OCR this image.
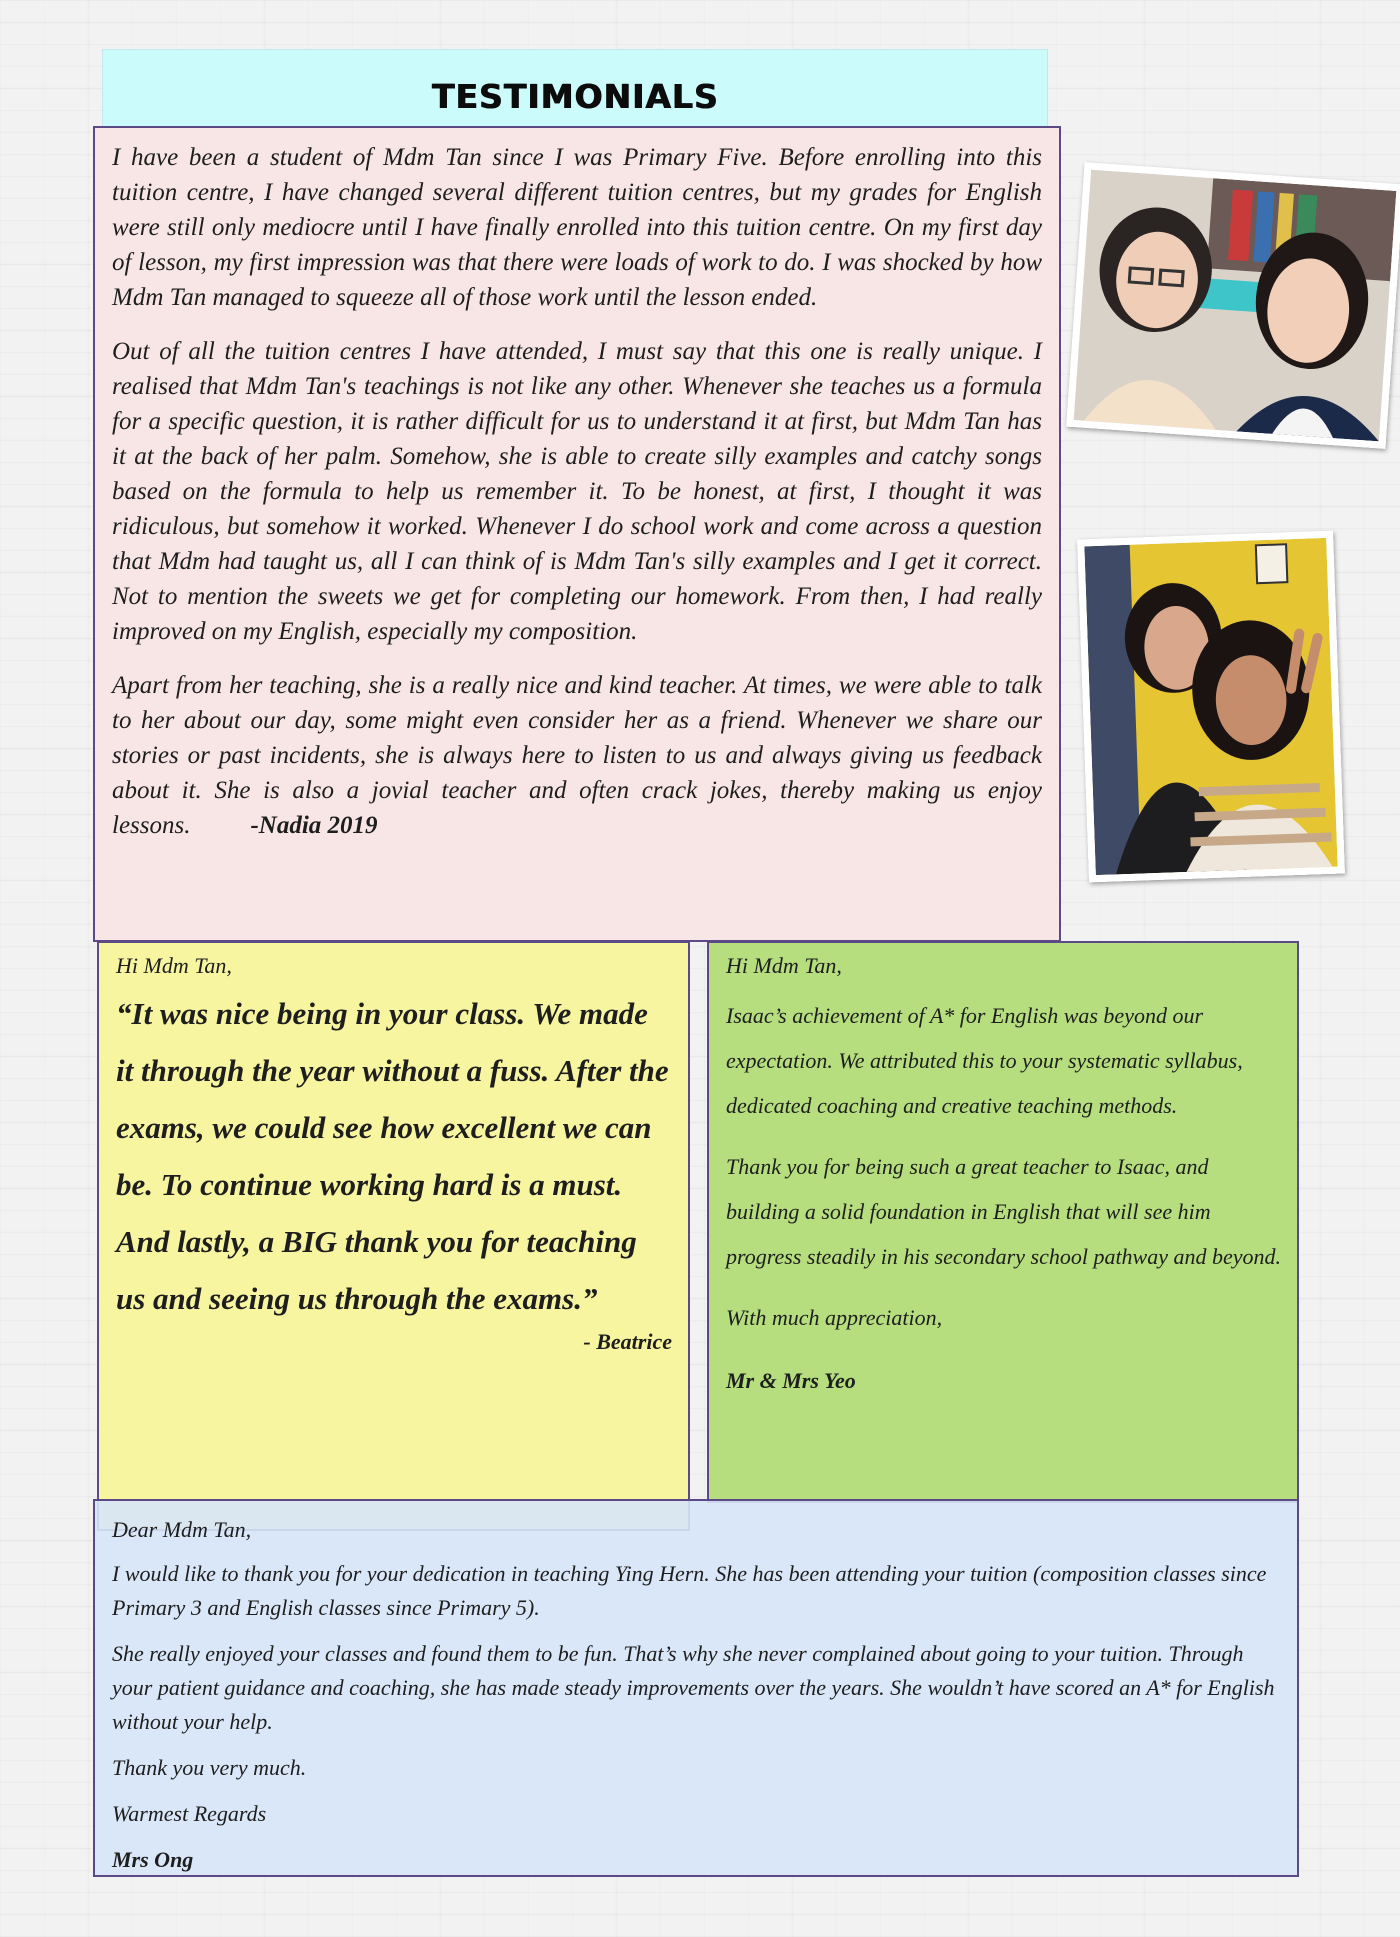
TESTIMONIALS

I have been a student of Mdm Tan since I was Primary Five. Before enrolling into this tuition centre, I have changed several different tuition centres, but my grades for English were still only mediocre until I have finally enrolled into this tuition centre. On my first day of lesson, my first impression was that there were loads of work to do. I was shocked by how Mdm Tan managed to squeeze all of those work until the lesson ended.

Out of all the tuition centres I have attended, I must say that this one is really unique. I realised that Mdm Tan's teachings is not like any other. Whenever she teaches us a formula for a specific question, it is rather difficult for us to understand it at first, but Mdm Tan has it at the back of her palm. Somehow, she is able to create silly examples and catchy songs based on the formula to help us remember it. To be honest, at first, I thought it was ridiculous, but somehow it worked. Whenever I do school work and come across a question that Mdm had taught us, all I can think of is Mdm Tan's silly examples and I get it correct. Not to mention the sweets we get for completing our homework. From then, I had really improved on my English, especially my composition.

Apart from her teaching, she is a really nice and kind teacher. At times, we were able to talk to her about our day, some might even consider her as a friend. Whenever we share our stories or past incidents, she is always here to listen to us and always giving us feedback about it. She is also a jovial teacher and often crack jokes, thereby making us enjoy lessons. -Nadia 2019

Hi Mdm Tan,

“It was nice being in your class. We made it through the year without a fuss. After the exams, we could see how excellent we can be. To continue working hard is a must. And lastly, a BIG thank you for teaching us and seeing us through the exams.”

- Beatrice

Hi Mdm Tan,

Isaac’s achievement of A* for English was beyond our expectation. We attributed this to your systematic syllabus, dedicated coaching and creative teaching methods.

Thank you for being such a great teacher to Isaac, and building a solid foundation in English that will see him progress steadily in his secondary school pathway and beyond.

With much appreciation,

Mr & Mrs Yeo

Dear Mdm Tan,

I would like to thank you for your dedication in teaching Ying Hern. She has been attending your tuition (composition classes since Primary 3 and English classes since Primary 5).

She really enjoyed your classes and found them to be fun. That’s why she never complained about going to your tuition. Through your patient guidance and coaching, she has made steady improvements over the years. She wouldn’t have scored an A* for English without your help.

Thank you very much.

Warmest Regards

Mrs Ong
